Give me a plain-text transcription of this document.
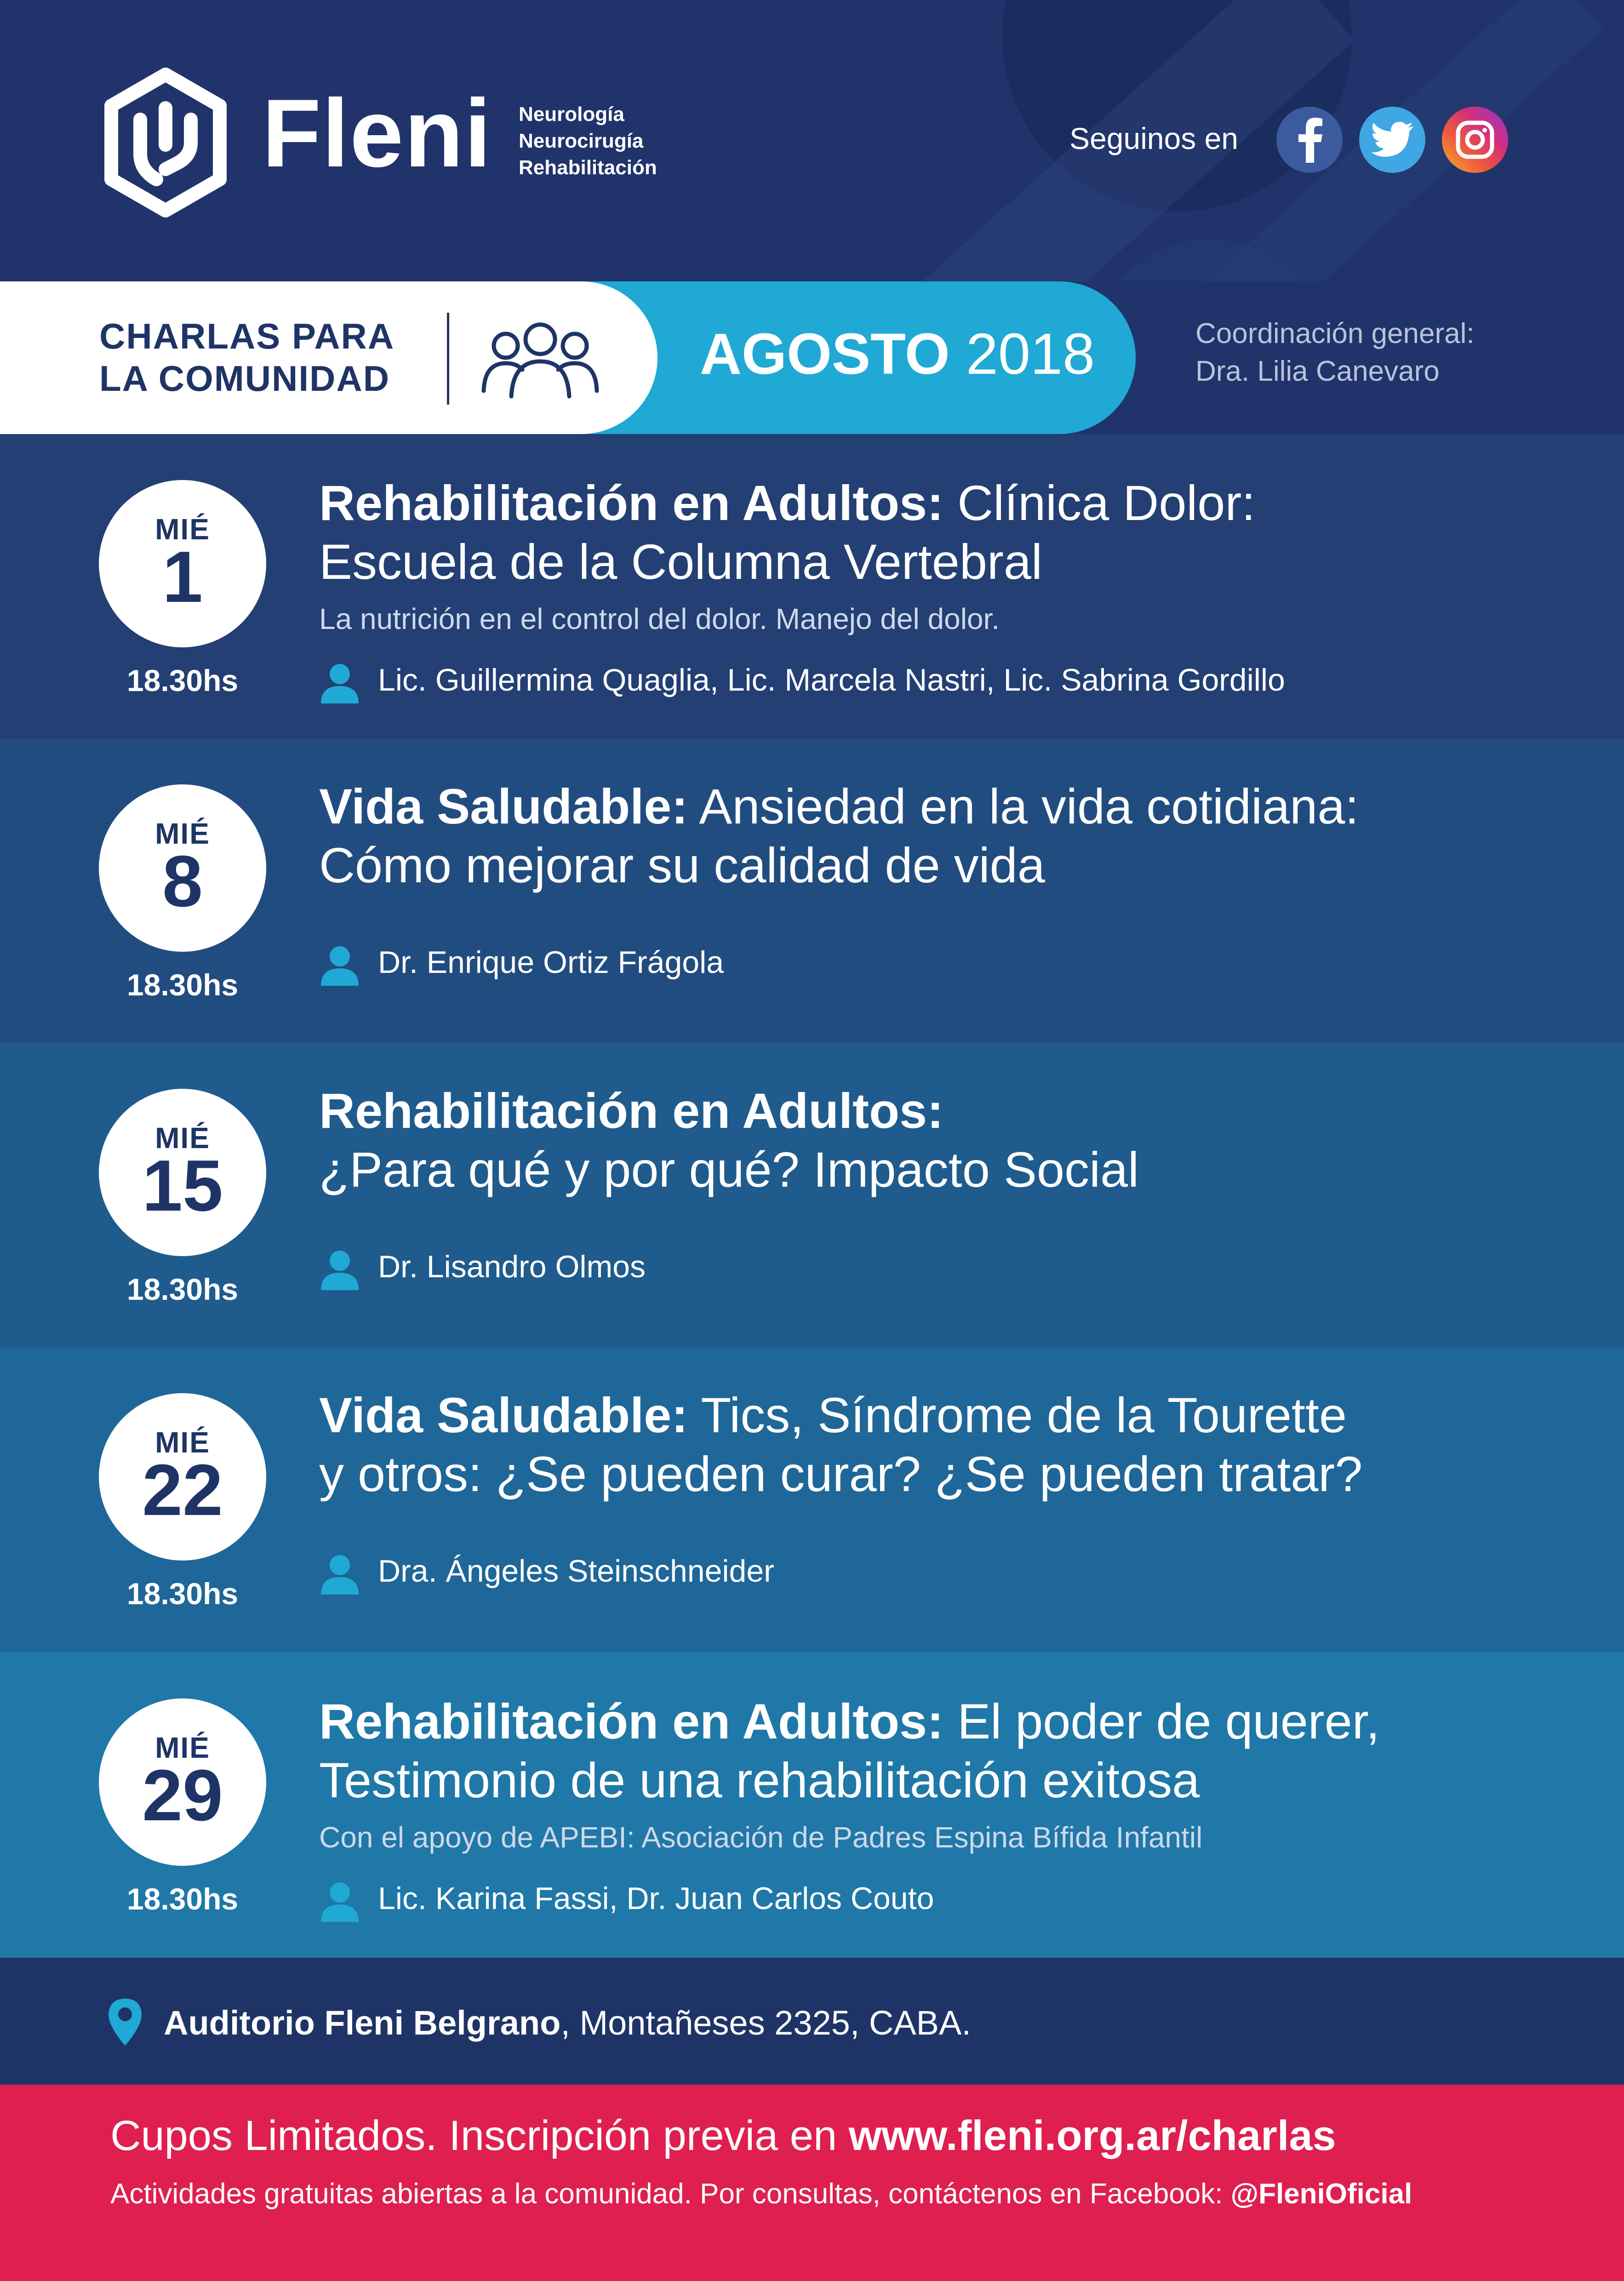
Fleni Neurología
Neurocirugía
Rehabilitación
Seguinos en
CHARLAS PARA
LA COMUNIDAD	AGOSTO 2018	Coordinación general:
Dra. Lilia Canevaro
MIÉ
1
18.30hs
Rehabilitación en Adultos: Clínica Dolor:
Escuela de la Columna Vertebral
La nutrición en el control del dolor. Manejo del dolor.
Lic. Guillermina Quaglia, Lic. Marcela Nastri, Lic. Sabrina Gordillo
MIÉ
8
18.30hs
Vida Saludable: Ansiedad en la vida cotidiana:
Cómo mejorar su calidad de vida
Dr. Enrique Ortiz Frágola
MIÉ
15
18.30hs
Rehabilitación en Adultos:
¿Para qué y por qué? Impacto Social
Dr. Lisandro Olmos
MIÉ
22
18.30hs
Vida Saludable: Tics, Síndrome de la Tourette
y otros: ¿Se pueden curar? ¿Se pueden tratar?
Dra. Ángeles Steinschneider
MIÉ
29
18.30hs
Rehabilitación en Adultos: El poder de querer,
Testimonio de una rehabilitación exitosa
Con el apoyo de APEBI: Asociación de Padres Espina Bífida Infantil
Lic. Karina Fassi, Dr. Juan Carlos Couto
Auditorio Fleni Belgrano, Montañeses 2325, CABA.
Cupos Limitados. Inscripción previa en www.fleni.org.ar/charlas
Actividades gratuitas abiertas a la comunidad. Por consultas, contáctenos en Facebook: @FleniOficial
